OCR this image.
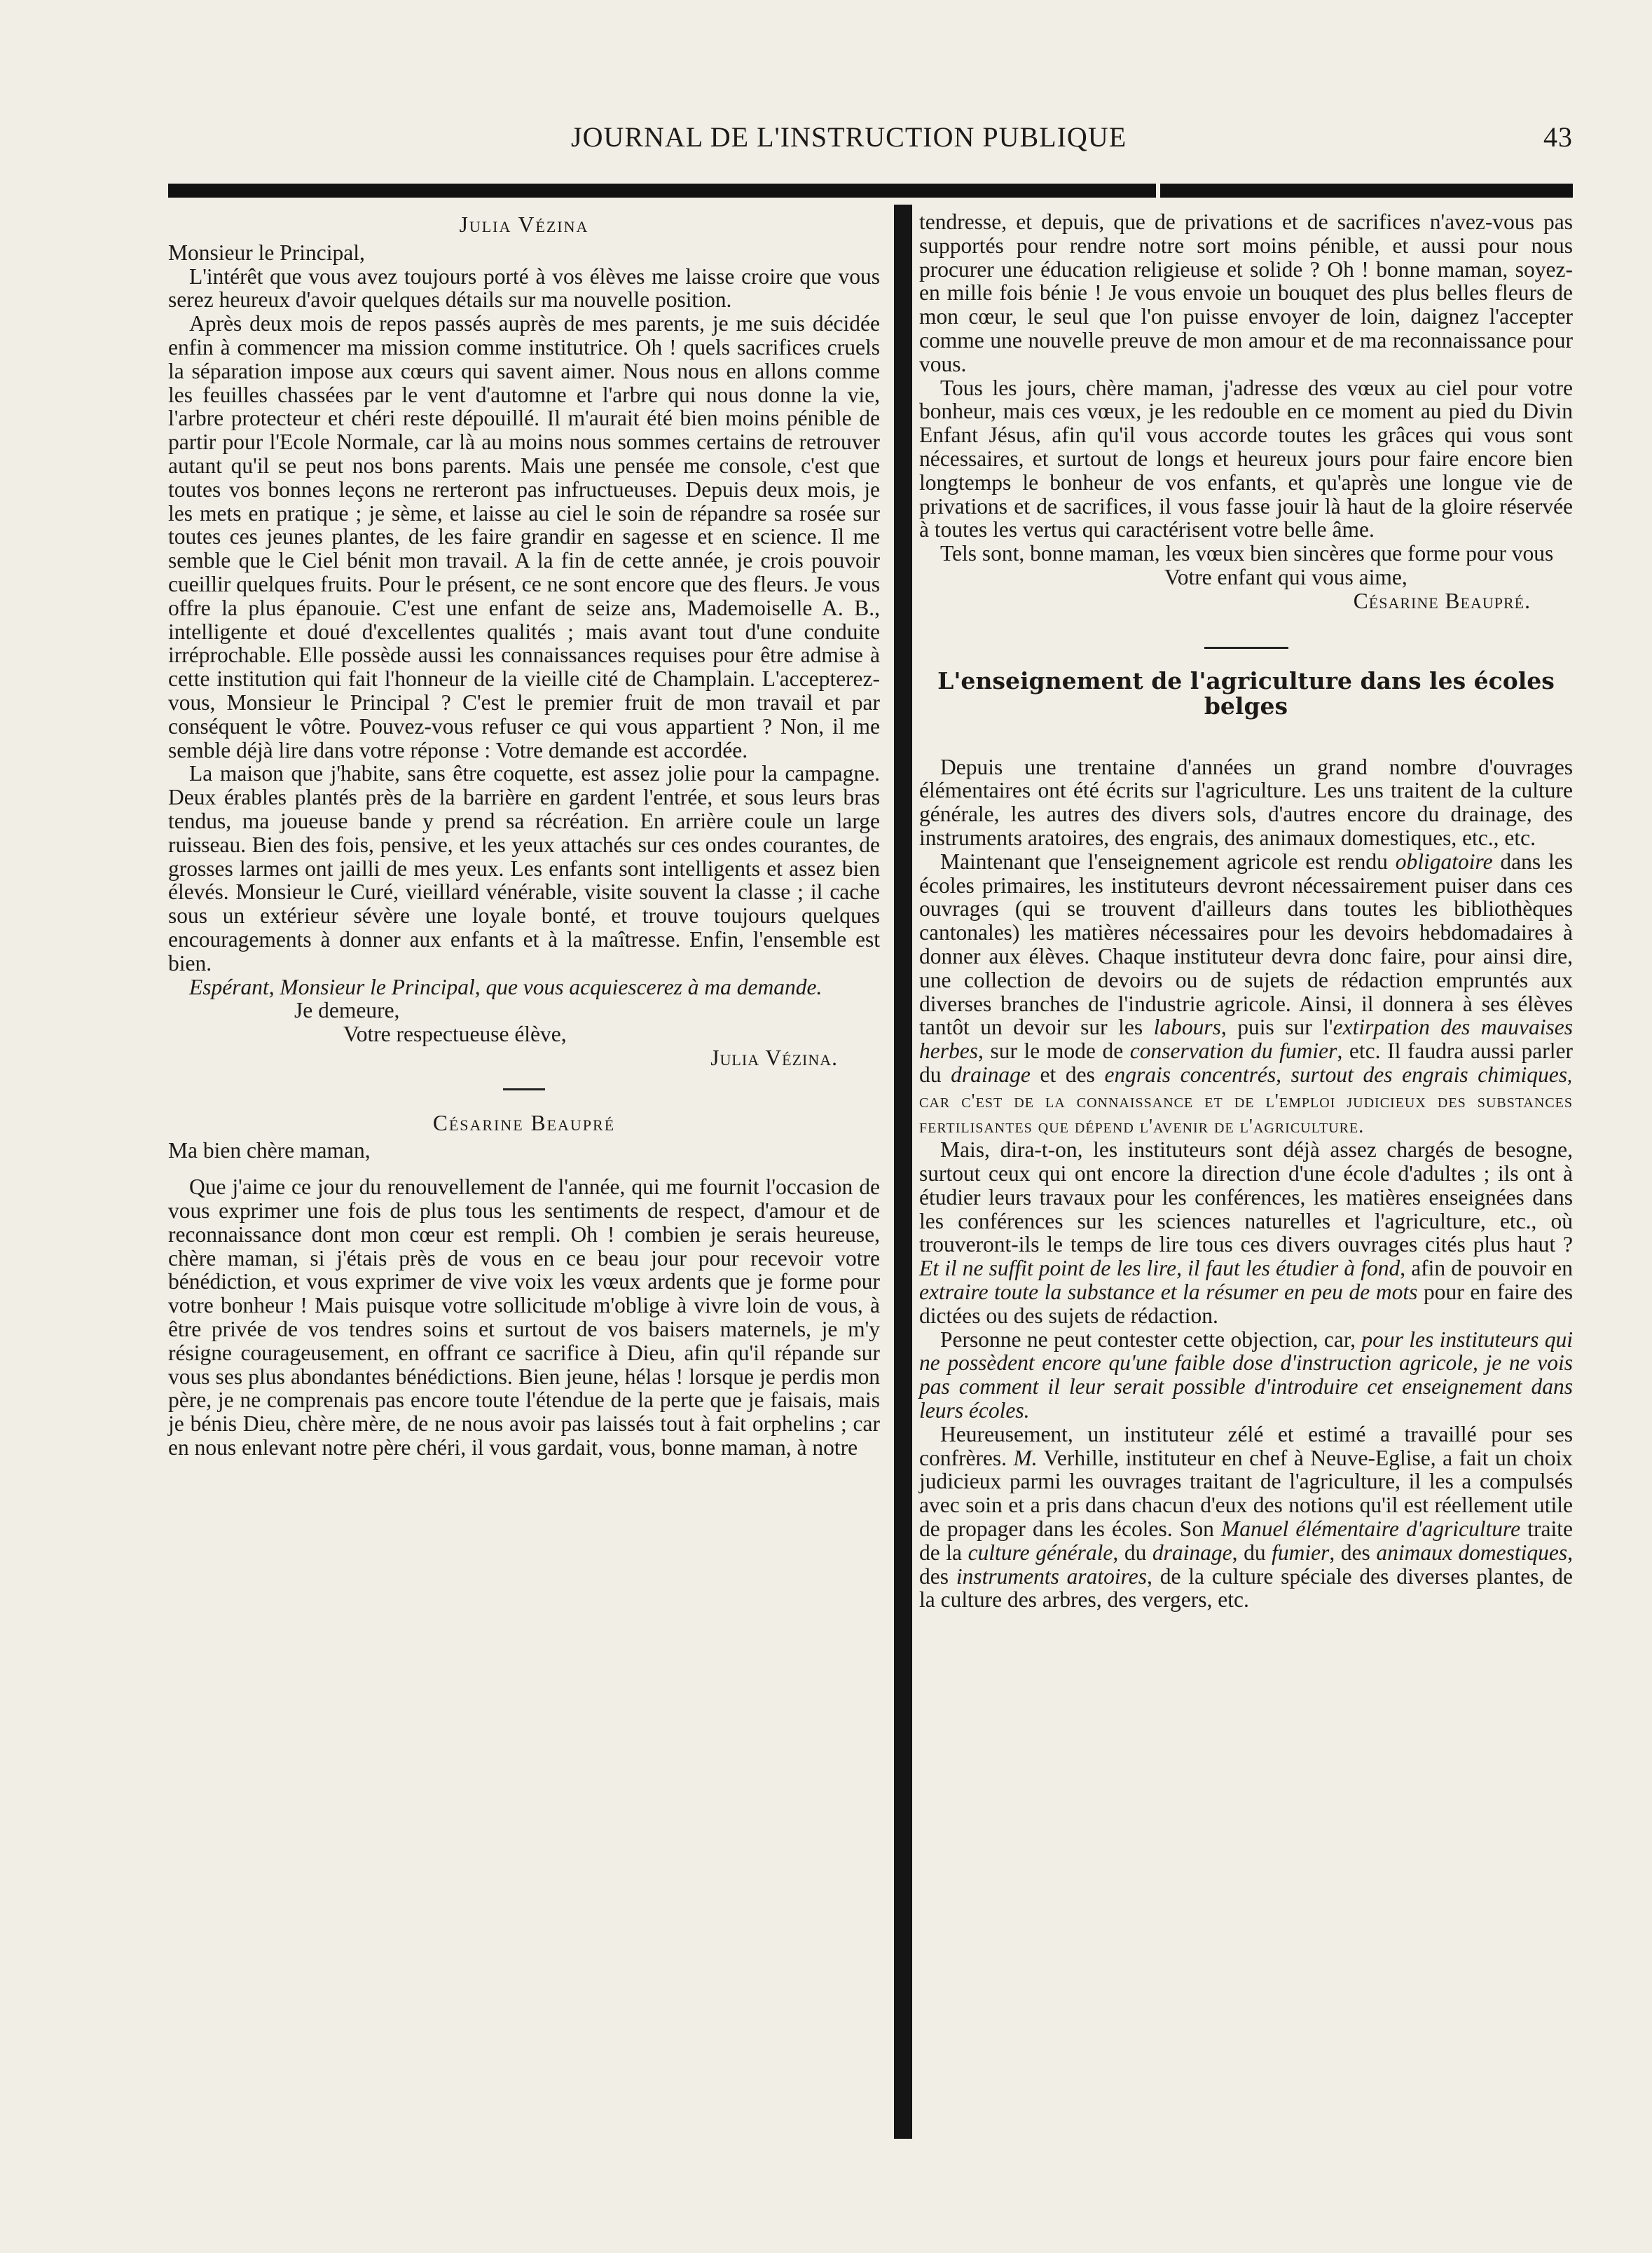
JOURNAL DE L'INSTRUCTION PUBLIQUE	43
Julia Vézina

Monsieur le Principal,

L'intérêt que vous avez toujours porté à vos élèves me laisse croire que vous serez heureux d'avoir quelques détails sur ma nouvelle position.

Après deux mois de repos passés auprès de mes parents, je me suis décidée enfin à commencer ma mission comme institutrice. Oh ! quels sacrifices cruels la séparation impose aux cœurs qui savent aimer. Nous nous en allons comme les feuilles chassées par le vent d'automne et l'arbre qui nous donne la vie, l'arbre protecteur et chéri reste dépouillé. Il m'aurait été bien moins pénible de partir pour l'Ecole Normale, car là au moins nous sommes certains de retrouver autant qu'il se peut nos bons parents. Mais une pensée me console, c'est que toutes vos bonnes leçons ne rerteront pas infructueuses. Depuis deux mois, je les mets en pratique ; je sème, et laisse au ciel le soin de répandre sa rosée sur toutes ces jeunes plantes, de les faire grandir en sagesse et en science. Il me semble que le Ciel bénit mon travail. A la fin de cette année, je crois pouvoir cueillir quelques fruits. Pour le présent, ce ne sont encore que des fleurs. Je vous offre la plus épanouie. C'est une enfant de seize ans, Mademoiselle A. B., intelligente et doué d'excellentes qualités ; mais avant tout d'une conduite irréprochable. Elle possède aussi les connaissances requises pour être admise à cette institution qui fait l'honneur de la vieille cité de Champlain. L'accepterez-vous, Monsieur le Principal ? C'est le premier fruit de mon travail et par conséquent le vôtre. Pouvez-vous refuser ce qui vous appartient ? Non, il me semble déjà lire dans votre réponse : Votre demande est accordée.

La maison que j'habite, sans être coquette, est assez jolie pour la campagne. Deux érables plantés près de la barrière en gardent l'entrée, et sous leurs bras tendus, ma joueuse bande y prend sa récréation. En arrière coule un large ruisseau. Bien des fois, pensive, et les yeux attachés sur ces ondes courantes, de grosses larmes ont jailli de mes yeux. Les enfants sont intelligents et assez bien élevés. Monsieur le Curé, vieillard vénérable, visite souvent la classe ; il cache sous un extérieur sévère une loyale bonté, et trouve toujours quelques encouragements à donner aux enfants et à la maîtresse. Enfin, l'ensemble est bien.

Espérant, Monsieur le Principal, que vous acquiescerez à ma demande.

Je demeure,

Votre respectueuse élève,

Julia Vézina.
Césarine Beaupré

Ma bien chère maman,

Que j'aime ce jour du renouvellement de l'année, qui me fournit l'occasion de vous exprimer une fois de plus tous les sentiments de respect, d'amour et de reconnaissance dont mon cœur est rempli. Oh ! combien je serais heureuse, chère maman, si j'étais près de vous en ce beau jour pour recevoir votre bénédiction, et vous exprimer de vive voix les vœux ardents que je forme pour votre bonheur ! Mais puisque votre sollicitude m'oblige à vivre loin de vous, à être privée de vos tendres soins et surtout de vos baisers maternels, je m'y résigne courageusement, en offrant ce sacrifice à Dieu, afin qu'il répande sur vous ses plus abondantes bénédictions. Bien jeune, hélas ! lorsque je perdis mon père, je ne comprenais pas encore toute l'étendue de la perte que je faisais, mais je bénis Dieu, chère mère, de ne nous avoir pas laissés tout à fait orphelins ; car en nous enlevant notre père chéri, il vous gardait, vous, bonne maman, à notre

tendresse, et depuis, que de privations et de sacrifices n'avez-vous pas supportés pour rendre notre sort moins pénible, et aussi pour nous procurer une éducation religieuse et solide ? Oh ! bonne maman, soyez-en mille fois bénie ! Je vous envoie un bouquet des plus belles fleurs de mon cœur, le seul que l'on puisse envoyer de loin, daignez l'accepter comme une nouvelle preuve de mon amour et de ma reconnaissance pour vous.

Tous les jours, chère maman, j'adresse des vœux au ciel pour votre bonheur, mais ces vœux, je les redouble en ce moment au pied du Divin Enfant Jésus, afin qu'il vous accorde toutes les grâces qui vous sont nécessaires, et surtout de longs et heureux jours pour faire encore bien longtemps le bonheur de vos enfants, et qu'après une longue vie de privations et de sacrifices, il vous fasse jouir là haut de la gloire réservée à toutes les vertus qui caractérisent votre belle âme.

Tels sont, bonne maman, les vœux bien sincères que forme pour vous

Votre enfant qui vous aime,

Césarine Beaupré.
L'enseignement de l'agriculture dans les écoles belges

Depuis une trentaine d'années un grand nombre d'ouvrages élémentaires ont été écrits sur l'agriculture. Les uns traitent de la culture générale, les autres des divers sols, d'autres encore du drainage, des instruments aratoires, des engrais, des animaux domestiques, etc., etc.

Maintenant que l'enseignement agricole est rendu obligatoire dans les écoles primaires, les instituteurs devront nécessairement puiser dans ces ouvrages (qui se trouvent d'ailleurs dans toutes les bibliothèques cantonales) les matières nécessaires pour les devoirs hebdomadaires à donner aux élèves. Chaque instituteur devra donc faire, pour ainsi dire, une collection de devoirs ou de sujets de rédaction empruntés aux diverses branches de l'industrie agricole. Ainsi, il donnera à ses élèves tantôt un devoir sur les labours, puis sur l'extirpation des mauvaises herbes, sur le mode de conservation du fumier, etc. Il faudra aussi parler du drainage et des engrais concentrés, surtout des engrais chimiques, car c'est de la connaissance et de l'emploi judicieux des substances fertilisantes que dépend l'avenir de l'agriculture.

Mais, dira-t-on, les instituteurs sont déjà assez chargés de besogne, surtout ceux qui ont encore la direction d'une école d'adultes ; ils ont à étudier leurs travaux pour les conférences, les matières enseignées dans les conférences sur les sciences naturelles et l'agriculture, etc., où trouveront-ils le temps de lire tous ces divers ouvrages cités plus haut ? Et il ne suffit point de les lire, il faut les étudier à fond, afin de pouvoir en extraire toute la substance et la résumer en peu de mots pour en faire des dictées ou des sujets de rédaction.

Personne ne peut contester cette objection, car, pour les instituteurs qui ne possèdent encore qu'une faible dose d'instruction agricole, je ne vois pas comment il leur serait possible d'introduire cet enseignement dans leurs écoles.

Heureusement, un instituteur zélé et estimé a travaillé pour ses confrères. M. Verhille, instituteur en chef à Neuve-Eglise, a fait un choix judicieux parmi les ouvrages traitant de l'agriculture, il les a compulsés avec soin et a pris dans chacun d'eux des notions qu'il est réellement utile de propager dans les écoles. Son Manuel élémentaire d'agriculture traite de la culture générale, du drainage, du fumier, des animaux domestiques, des instruments aratoires, de la culture spéciale des diverses plantes, de la culture des arbres, des vergers, etc.
